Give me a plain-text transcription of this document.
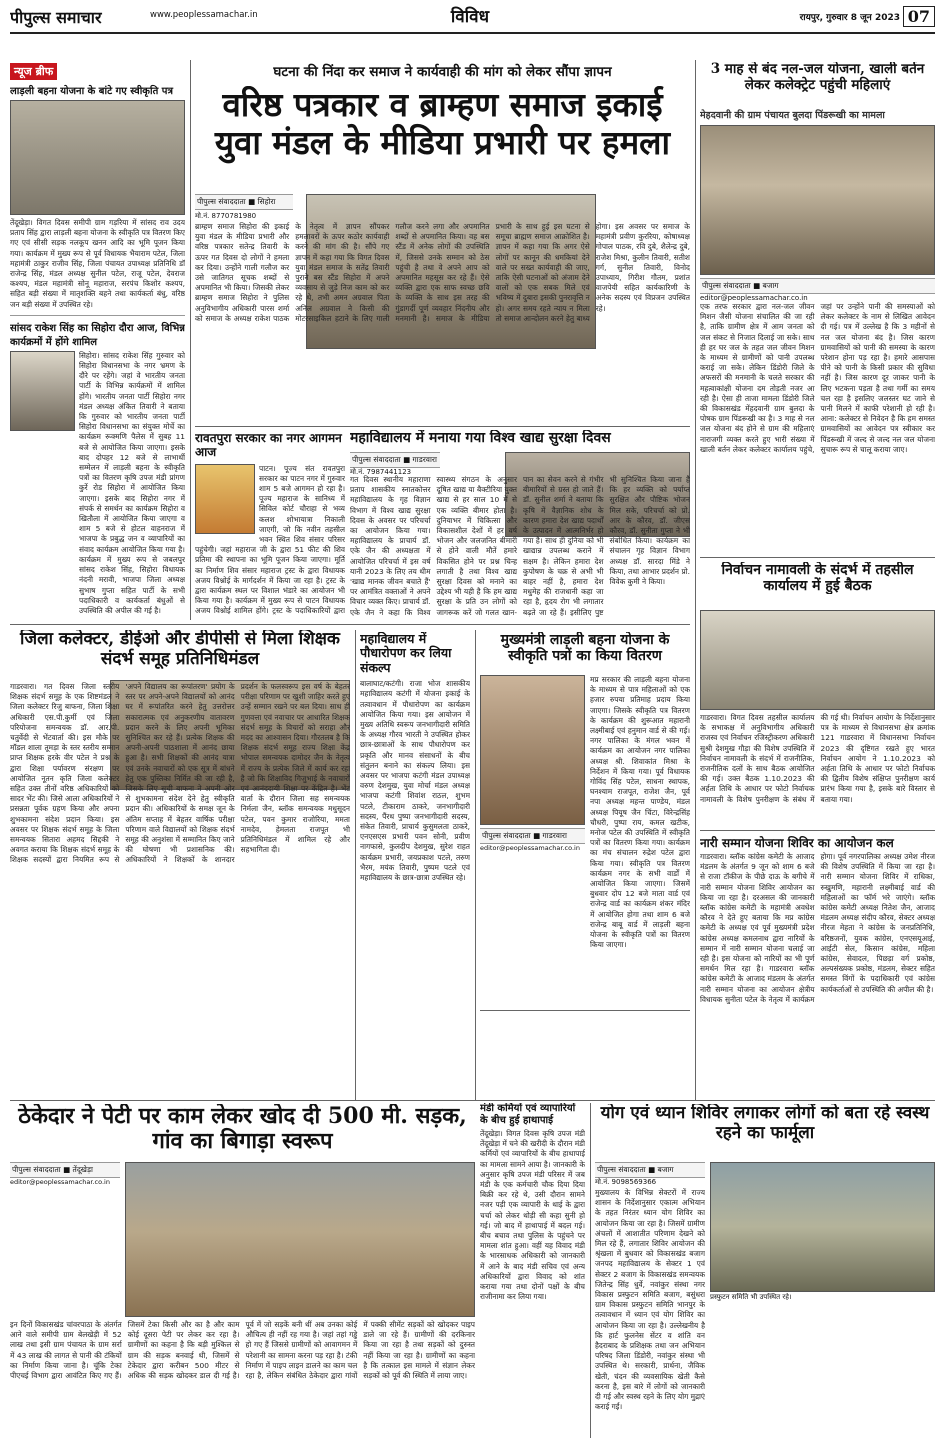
पीपुल्स समाचार	www.peoplessamachar.in	विविध	रायपुर, गुरुवार 8 जून 2023 07
न्यूज ब्रीफ
लाड़ली बहना योजना के बांटे गए स्वीकृति पत्र
तेंदूखेड़ा। विगत दिवस समीपी ग्राम गड़रिया में सांसद राव उदय प्रताप सिंह द्वारा लाड़ली बहना योजना के स्वीकृति पत्र वितरण किए गए एवं सीसी सड़क नलकूप खनन आदि का भूमि पूजन किया गया। कार्यक्रम में मुख्य रूप से पूर्व विधायक भैयाराम पटेल, जिला महामंत्री ठाकुर राजीव सिंह, जिला पंचायत उपाध्यक्ष प्रतिनिधि डॉ राजेन्द्र सिंह, मंडल अध्यक्ष सुनील पटेल, राजू पटेल, देवराज कश्यप, मंडल महामंत्री सोनू महाराज, सरपंच किशोर कश्यप, सहित बड़ी संख्या में मातृशक्ति बहने तथा कार्यकर्ता बंधु, वरिष्ठ जन बड़ी संख्या में उपस्थित रहे।
सांसद राकेश सिंह का सिहोरा दौरा आज, विभिन्न कार्यक्रमों में होंगे शामिल
सिहोरा। सांसद राकेश सिंह गुरुवार को सिहोरा विधानसभा के नगर भ्रमण के दौरे पर रहेंगे। जहां वे भारतीय जनता पार्टी के विभिन्न कार्यक्रमों में शामिल होंगे। भारतीय जनता पार्टी सिहोरा नगर मंडल अध्यक्ष अंकित तिवारी ने बताया कि गुरुवार को भारतीय जनता पार्टी सिहोरा विधानसभा का संयुक्त मोर्चे का कार्यक्रम रूक्मणि पैलेस में सुबह 11 बजे से आयोजित किया जाएगा। इसके बाद दोपहर 12 बजे से लाभार्थी सम्मेलन में लाड़ली बहना के स्वीकृति पत्रों का वितरण कृषि उपज मंडी प्रांगण कुर्रे रोड सिहोरा में आयोजित किया जाएगा। इसके बाद सिहोरा नगर में संपर्क से समर्थन का कार्यक्रम सिहोरा व खितौला में आयोजित किया जाएगा व शाम 5 बजे से होटल वाहनराज में भाजपा के प्रबुद्ध जन व व्यापारियों का संवाद कार्यक्रम आयोजित किया गया है। कार्यक्रम में मुख्य रूप से जबलपुर सांसद राकेश सिंह, सिहोरा विधायक नंदनी मरावी, भाजपा जिला अध्यक्ष सुभाष गुप्ता सहित पार्टी के सभी पदाधिकारी व कार्यकर्ता बंधुओं से उपस्थिति की अपील की गई है।
घटना की निंदा कर समाज ने कार्यवाही की मांग को लेकर सौंपा ज्ञापन
वरिष्ठ पत्रकार व ब्राम्हण समाज इकाई युवा मंडल के मीडिया प्रभारी पर हमला
पीपुल्स संवाददाता ■ सिहोरा
मो.नं. 8770781980
ब्राम्हण समाज सिहोरा की इकाई युवा मंडल के मीडिया प्रभारी और वरिष्ठ पत्रकार सतेन्द्र तिवारी के ऊपर गत दिवस दो लोगों ने हमला कर दिया। उन्होंने गाली गलौज कर उसे जातिगत सूचक शब्दों से अपमानित भी किया। जिसकी लेकर ब्राम्हण समाज सिहोरा ने पुलिस अनुविभागीय अधिकारी पारस शर्मा को समाज के अध्यक्ष राकेश पाठक के नेतृत्व में ज्ञापन सौंपकर हमलावरों के ऊपर कठोर कार्यवाही करने की मांग की है। सौंपे गए ज्ञापन में कहा गया कि विगत दिवस युवा मंडल समाज के सतेंद्र तिवारी पुराने बस स्टैंड सिहोरा में अपने व्यवसाय से जुड़े निज काम को कर रहे थे, तभी अमन अग्रवाल पिता अनिल अग्रवाल ने किसी की मोटरसाइकिल हटाने के लिए गाली गलौज करने लगा और अपमानित शब्दों से अपमानित किया। वह बस स्टैंड में अनेक लोगों की उपस्थिति में, जिससे उनके सम्मान को ठेस पहुंची है तथा वे अपने आप को अपमानित महसूस कर रहे हैं। ऐसे व्यक्ति द्वारा एक साफ स्वच्छ छवि के व्यक्ति के साथ इस तरह की गुंडागर्दी पूर्ण व्यवहार निंदनीय और मनमानी है। समाज के मीडिया प्रभारी के साथ हुई इस घटना से समूचा ब्राह्मण समाज आक्रोशित है। ज्ञापन में कहा गया कि अगर ऐसे लोगों पर कानून की धमकियां देने वाले पर सख्त कार्यवाही की जाए, ताकि ऐसी घटनाओं को अंजाम देने वालों को एक सबक मिले एवं भविष्य में दुबारा इसकी पुनरावृत्ति न हो। अगर समय रहते न्याय न मिला तो समाज आन्दोलन करने हेतु बाध्य होगा। इस अवसर पर समाज के महामंत्री प्रवीण कुररिया, कोषाध्यक्ष गोपाल पाठक, रवि दुबे, शैलेन्द्र दुबे, राजेश मिश्रा, कुलीन तिवारी, सतीश गर्ग, सुनील तिवारी, विनोद उपाध्याय, गिरीश गौतम, प्रशांत वाजपेयी सहित कार्यकारिणी के अनेक सदस्य एवं विप्रजन उपस्थित रहे।
रावतपुरा सरकार का नगर आगमन आज
पाटन। पूज्य संत रावतपुरा सरकार का पाटन नगर में गुरुवार शाम 5 बजे आगमन हो रहा है। पूज्य महाराज के सानिध्य में सिविल कोर्ट चौराहा से भव्य कलश शोभायात्रा निकाली जाएगी, जो कि नवीन तहसील भवन स्थित शिव संसार परिसर पहुंचेगी। जहां महाराज जी के द्वारा 51 फीट की शिव प्रतिमा की स्थापना का भूमि पूजन किया जाएगा। मूर्ति का निर्माण शिव संसार महाराज ट्रस्ट के द्वारा विधायक अजय विश्नोई के मार्गदर्शन में किया जा रहा है। ट्रस्ट के द्वारा कार्यक्रम स्थल पर विशाल भंडारे का आयोजन भी किया गया है। कार्यक्रम में मुख्य रूप से पाटन विधायक अजय विश्नोई शामिल होंगे। ट्रस्ट के पदाधिकारियों द्वारा
महाविद्यालय में मनाया गया विश्व खाद्य सुरक्षा दिवस
पीपुल्स संवाददाता ■ गाडरवारा
मो.नं. 7987441123
गत दिवस स्थानीय महाराणा प्रताप शासकीय स्नातकोत्तर महाविद्यालय के गृह विज्ञान विभाग में विश्व खाद्य सुरक्षा दिवस के अवसर पर परिचर्चा का आयोजन किया गया। महाविद्यालय के प्राचार्य डॉ. एके जैन की अध्यक्षता में आयोजित परिचर्चा में इस वर्ष यानी 2023 के लिए तय थीम 'खाद्य मानक जीवन बचाते हैं' पर आमंत्रित वक्ताओं ने अपने विचार व्यक्त किए। प्राचार्य डॉ. एके जैन ने कहा कि विश्व स्वास्थ्य संगठन के अनुसार दूषित खाद्य या बैक्टीरिया युक्त खाद्य से हर साल 10 में से एक व्यक्ति बीमार होता है। दुनियाभर में चिकित्सा और विकासशील देशों में हर वर्ष भोजन और जलजनित बीमारी से होने वाली मौतें हमारे विकसित होने पर प्रश्न चिन्ह लगाती है तथा विश्व खाद्य सुरक्षा दिवस को मनाने का उद्देश्य भी यही है कि हम खाद्य सुरक्षा के प्रति उन लोगों को जागरूक करें जो गलत खान-पान का सेवन करने से गंभीर बीमारियों से ग्रस्त हो जाते हैं। डॉ. सुनील शर्मा ने बताया कि कृषि में वैज्ञानिक शोध के कारण हमारा देश खाद्य पदार्थों के उत्पादन में आत्मनिर्भर हो गया है। साथ ही दुनिया को भी खाद्यान्न उपलब्ध कराने में सक्षम है। लेकिन हमारा देश कुपोषण के चक्र से अभी भी बाहर नहीं है, हमारा देश मधुमेह की राजधानी कहा जा रहा है, हृदय रोग भी लगातार बढ़ते जा रहे हैं। इसीलिए पुष्ट भी सुनिश्चित किया जाना है कि हर व्यक्ति को पर्याप्त सुरक्षित और पौष्टिक भोजन मिल सके, परिचर्चा को प्रो. आर के कौरव, डॉ. जीएस कौरव, डॉ. सुनीता गुप्ता ने भी संबोधित किया। कार्यक्रम का संचालन गृह विज्ञान विभाग अध्यक्ष डॉ. सारदा मिंडे ने किया, तथा आभार प्रदर्शन प्रो. विवेक कुमी ने किया।
3 माह से बंद नल-जल योजना, खाली बर्तन लेकर कलेक्ट्रेट पहुंची महिलाएं
मेहदवानी की ग्राम पंचायत बुलदा पिंडरूखी का मामला
पीपुल्स संवाददाता ■ बजाग
editor@peoplessamachar.co.in
एक तरफ सरकार द्वारा नल-जल जीवन मिशन जैसी योजना संचालित की जा रही है, ताकि ग्रामीण क्षेत्र में आम जनता को जल संकट से निजात दिलाई जा सके। साथ ही हर घर जल के तहत जल जीवन मिशन के माध्यम से ग्रामीणों को पानी उपलब्ध कराई जा सके। लेकिन डिंडोरी जिले के अफसरों की मनमानी के चलते सरकार की महत्वाकांक्षी योजना दम तोड़ती नजर आ रही है। ऐसा ही ताजा मामला डिंडोरी जिले की विकासखंड मेंहदवानी ग्राम बुलदा के पोषक ग्राम पिंडरूखी का है। 3 माह से नल जल योजना बंद होने से ग्राम की महिलाएं नाराजगी व्यक्त करते हुए भारी संख्या में खाली बर्तन लेकर कलेक्टर कार्यालय पहुंचे, जहां पर उन्होंने पानी की समस्याओं को लेकर कलेक्टर के नाम से लिखित आवेदन दी गई। पत्र में उल्लेख है कि 3 महीनों से नल जल योजना बंद है। जिस कारण ग्रामवासियों को पानी की समस्या के कारण परेशान होना पड़ रहा है। हमारे आसपास पीने को पानी के किसी प्रकार की सुविधा नहीं है। जिस कारण दूर जाकर पानी के लिए भटकना पड़ता है तथा गर्मी का समय चल रहा है इसलिए जलस्तर घट जाने से पानी मिलने में काफी परेशानी हो रही है। आना: कलेक्टर से निवेदन है कि हम समस्त ग्रामवासियों का आवेदन पत्र स्वीकार कर पिंडरूखी में जल्द से जल्द नल जल योजना सुचारू रूप से चालू कराया जाए।
निर्वाचन नामावली के संदर्भ में तहसील कार्यालय में हुई बैठक
गाडरवारा। विगत दिवस तहसील कार्यालय के सभाकक्ष में अनुविभागीय अधिकारी राजस्व एवं निर्वाचन रजिस्ट्रीकरण अधिकारी सुश्री देशमुख गौड़ा की विशेष उपस्थिति में निर्वाचन नामावली के संदर्भ में राजनीतिक, राजनीतिक दलों के साथ बैठक आयोजित की गई। उक्त बैठक 1.10.2023 की अर्हता तिथि के आधार पर फोटो निर्वाचक नामावली के विशेष पुनरीक्षण के संबंध में की गई थी। निर्वाचन आयोग के निर्देशानुसार पत्र के माध्यम से विधानसभा क्षेत्र क्रमांक 121 गाडरवारा में विधानसभा निर्वाचन 2023 की दृष्टिगत रखते हुए भारत निर्वाचन आयोग ने 1.10.2023 को अर्हता तिथि के आधार पर फोटो निर्वाचक की द्वितीय विशेष संक्षिप्त पुनरीक्षण कार्य प्रारंभ किया गया है, इसके बारे विस्तार से बताया गया।
नारी सम्मान योजना शिविर का आयोजन कल
गाडरवारा। ब्लॉक कांग्रेस कमेटी के आजाद मंडलम के अंतर्गत 9 जून को शाम 6 बजे से राजा टॉकीज के पीछे दाऊ के बगीचे में नारी सम्मान योजना शिविर आयोजन का किया जा रहा है। दरअसल की जानकारी ब्लॉक कांग्रेस कमेटी के महामंत्री अवधेश कौरव ने देते हुए बताया कि मप्र कांग्रेस कमेटी के अध्यक्ष एवं पूर्व मुख्यमंत्री प्रदेश कांग्रेस अध्यक्ष कमलनाथ द्वारा नारियों के सम्मान में नारी सम्मान योजना चलाई जा रही है। इस योजना को नारियों का भी पूर्ण समर्थन मिल रहा है। गाडरवारा ब्लॉक कांग्रेस कमेटी के आजाद मंडलम के अंतर्गत नारी सम्मान योजना का आयोजन क्षेत्रीय विधायक सुनीता पटेल के नेतृत्व में कार्यक्रम होगा। पूर्व नगरपालिका अध्यक्ष उमेश नीरज की विशेष उपस्थिति में किया जा रहा है। नारी सम्मान योजना शिविर में राधिका, रुखुमणि, महारानी लक्ष्मीबाई वार्ड की महिलाओं का फॉर्म भरे जाएंगे। ब्लॉक कांग्रेस कमेटी अध्यक्ष नितेश जैन, आजाद मंडलम अध्यक्ष संदीप कौरव, सेक्टर अध्यक्ष नीरज मेहता ने कांग्रेस के जनप्रतिनिधि, वरिष्ठजनों, युवक कांग्रेस, एनएसयूआई, आईटी सेल, किसान कांग्रेस, महिला कांग्रेस, सेवादल, पिछड़ा वर्ग प्रकोष्ठ, अल्पसंख्यक प्रकोष्ठ, मंडलम, सेक्टर सहित समस्त विंगों के पदाधिकारी एवं कांग्रेस कार्यकर्ताओं से उपस्थिति की अपील की है।
जिला कलेक्टर, डीईओ और डीपीसी से मिला शिक्षक संदर्भ समूह प्रतिनिधिमंडल
गाडरवारा। गत दिवस जिला स्तरीय शिक्षक संदर्भ समूह के एक शिष्टमंडल ने जिला कलेक्टर रिजु बाफना, जिला शिक्षा अधिकारी एस.पी.कुर्मी एवं जिला परियोजना समन्वयक डॉ. आर.पी. चतुर्वेदी से भेंटवार्ता की। इस मौके पर मॉडल शाला तूमड़ा के स्तर स्तरीय सम्मान प्राप्त शिक्षक हरके वीर पटेल ने प्रश्न के द्वारा शिक्षा पर्यावरण संरक्षण पर आयोजित नूतन कृति जिला कलेक्टर सहित उक्त तीनों वरिष्ठ अधिकारियों को सादर भेंट की। जिसे आला अधिकारियों ने प्रसन्नता पूर्वक ग्रहण किया और अपना शुभकामना संदेश प्रदान किया। इस अवसर पर शिक्षक संदर्भ समूह के जिला समन्वयक सितारा अहमद सिद्दकी ने अवगत कराया कि शिक्षक संदर्भ समूह के शिक्षक सदस्यों द्वारा नियमित रूप से 'अपने विद्यालय का रूपांतरण' प्रयोग के स्तर पर अपने-अपने विद्यालयों को आनंद घर में रूपांतरित करने हेतु उत्तरोत्तर सकारात्मक एवं अनुकरणीय वातावरण प्रदान करने के लिए अपनी भूमिका सुनिश्चित कर रहे हैं। प्रत्येक शिक्षक की अपनी-अपनी पाठशाला में आनंद छाया हुआ है। सभी शिक्षकों की आनंद यात्रा एवं उनके नवाचारों को एक सूत्र में बांधने हेतु एक पुस्तिका निर्मित की जा रही है, जिसके लिए सूची बाफना ने अपनी ओर से शुभकामना संदेश देने हेतु स्वीकृति प्रदान की। अधिकारियों के समक्ष जून के अंतिम सप्ताह में बेहतर वार्षिक परीक्षा परिणाम वाले विद्यालयों को शिक्षक संदर्भ समूह की अनुशंसा में सम्मानित किए जाने की घोषणा भी प्रशासनिक की। अधिकारियों ने शिक्षकों के शानदार प्रदर्शन के फलस्वरूप इस वर्ष के बेहतर परीक्षा परिणाम पर खुशी जाहिर करते हुए उन्हें सम्मान रखने पर बल दिया। साथ ही गुणवत्ता एवं नवाचार पर आधारित शिक्षक संदर्भ समूह के विचारों को सराहा और मदद का आश्वासन दिया। गौरतलब है कि शिक्षक संदर्भ समूह राज्य शिक्षा केंद्र भोपाल समन्वयक दामोदर जैन के नेतृत्व में राज्य के प्रत्येक जिले में कार्य कर रहा है जो कि शिक्षाविद गिजुभाई के नवाचारों एवं आनंददायी शिक्षा पर केंद्रित है। भेंट वार्ता के दौरान जिला सह समन्वयक निर्मला जैन, ब्लॉक समन्वयक मधुसूदन पटेल, पवन कुमार राजोरिया, ममता नामदेव, हेमलता राजपूत भी प्रतिनिधिमंडल में शामिल रहे और सहभागिता दी।
महाविद्यालय में पौधारोपण कर लिया संकल्प
बालाघाट/कटंगी। राजा भोज शासकीय महाविद्यालय कटंगी में योजना इकाई के तत्वावधान में पौधारोपण का कार्यक्रम आयोजित किया गया। इस आयोजन में मुख्य अतिथि स्वरूप जनभागीदारी समिति के अध्यक्ष गौरव भारती ने उपस्थित होकर छात्र-छात्राओं के साथ पौधारोपण कर प्रकृति और मानव संसाधनों के बीच संतुलन बनाने का संकल्प लिया। इस अवसर पर भाजपा कटंगी मंडल उपाध्यक्ष वरुण देशमुख, युवा मोर्चा मंडल अध्यक्ष भाजपा कटंगी शिवांश राठल, शुभम पटले, टीकाराम ठाकरे, जनभागीदारी सदस्य, पैंरथ पुष्पा जनभागीदारी सदस्य, संकेत तिवारी, प्राचार्य कुसुमलता ठाकरे, एनएसएस प्रभारी पवन सोनी, प्रवीण नागफासे, कुलदीप देशमुख, सुरेश राहत कार्यक्रम प्रभारी, जयप्रकाश पटले, तरुण भैरम, मयंक तिवारी, पुष्पम पटले एवं महाविद्यालय के छात्र-छात्रा उपस्थित रहे।
मुख्यमंत्री लाड़ली बहना योजना के स्वीकृति पत्रों का किया वितरण
पीपुल्स संवाददाता ■ गाडरवारा
editor@peoplessamachar.co.in
मप्र सरकार की लाड़ली बहना योजना के माध्यम से पात्र महिलाओं को एक हजार रुपया प्रतिमाह प्रदाय किया जाएगा। जिसके स्वीकृति पत्र वितरण के कार्यक्रम की शुरूआत महारानी लक्ष्मीबाई एवं हनुमान वार्ड से की गई। नगर पालिका के मंगल भवन में कार्यक्रम का आयोजन नगर पालिका अध्यक्ष श्री. शिवाकांत मिश्रा के निर्देशन में किया गया। पूर्व विधायक गोविंद सिंह पटेल, साधना स्थापक, घनश्याम राजपूत, राजेश जैन, पूर्व नपा अध्यक्ष महन्त पाण्डेय, मंडल अध्यक्ष पियूष जैन चिंटा, विरेन्द्रसिंह चौधरी, पुष्पा राय, कमल खटीक, मनोज पटेल की उपस्थिति में स्वीकृति पत्रों का वितरण किया गया। कार्यक्रम का मंच संचालन रुद्रेश पटेल द्वारा किया गया। स्वीकृति पत्र वितरण कार्यक्रम नगर के सभी वार्डों में आयोजित किया जाएगा। जिसमें बुधवार दोप 12 बजे माता वार्ड एवं राजेन्द्र वार्ड का कार्यक्रम शंकर मंदिर में आयोजित होगा तथा शाम 6 बजे राजेन्द्र बाबू वार्ड में लाड़ली बहना योजना के स्वीकृति पत्रों का वितरण किया जाएगा।
मंडी कर्मियों एवं व्यापारियों के बीच हुई हाथापाई
तेंदूखेड़ा। विगत दिवस कृषि उपज मंडी तेंदूखेड़ा में चने की खरीदी के दौरान मंडी कर्मियों एवं व्यापारियों के बीच हाथापाई का मामला सामने आया है। जानकारी के अनुसार कृषि उपज मंडी परिसर में जब मंडी के एक कर्मचारी चौक दिया दिया बिक्री कर रहे थे, उसी दौरान सामने नजर पड़ी एक व्यापारी के थाई के द्वारा चर्चा को लेकर थोड़ी सी कहा सुनी हो गई। जो बाद में हाथापाई में बदल गई। बीच बचाव तथा पुलिस के पहुंचने पर मामला शांत हुआ। वहीं यह विवाद मंडी के भारसाधक अधिकारी को जानकारी में आने के बाद मंडी सचिव एवं अन्य अधिकारियों द्वारा विवाद को शांत कराया गया तथा दोनों पक्षों के बीच राजीनामा कर लिया गया।
ठेकेदार ने पेटी पर काम लेकर खोद दी 500 मी. सड़क, गांव का बिगाड़ा स्वरूप
पीपुल्स संवाददाता ■ तेंदूखेड़ा
editor@peoplessamachar.co.in
इन दिनों विकासखंड चांवरपाठा के अंतर्गत आने वाले समीपी ग्राम बेलखेड़ी में 52 लाख तथा इसी ग्राम पंचायत के ग्राम सर्रा में 43 लाख की लागत से पानी की टंकियों का निर्माण किया जाना है। चूंकि टेका पीएचई विभाग द्वारा आवंटित किए गए हैं। जिसमें टेका किसी और का है और काम कोई दूसरा पेटी पर लेकर कर रहा है। ग्रामीणों का कहना है कि बड़ी मुश्किल से ग्राम की सड़क बनवाई थी, जिसमें से टेकेदार द्वारा करीबन 500 मीटर से अधिक की सड़क खोदकर डाल दी गई है। पूर्व में जो सड़कें बनी थीं अब उनका कोई औचित्य ही नहीं रह गया है। जहां तहां गड्ढे हो गए हैं जिससे ग्रामीणों को आवागमन में परेशानी का सामना करना पड़ रहा है। टंकी निर्माण में पाइप लाइन डालने का काम चल रहा है, लेकिन संबंधित ठेकेदार द्वारा गांवों में पक्की सीमेंट सड़कों को खोदकर पाइप डाले जा रहे हैं। ग्रामीणों की दरकिनार किया जा रहा है तथा सड़कों को दुरुस्त नहीं किया जा रहा है। ग्रामीणों का कहना है कि तत्काल इस मामले में संज्ञान लेकर सड़कों को पूर्व की स्थिति में लाया जाए।
योग एवं ध्यान शिविर लगाकर लोगों को बता रहे स्वस्थ रहने का फार्मूला
पीपुल्स संवाददाता ■ बजाग
मो.नं. 9098569366
प्रस्फुटन समिति भी उपस्थित रहे।
मुख्यालय के विभिन्न सेक्टरों में राज्य शासन के निर्देशानुसार एकात्म अभियान के तहत निरंतर ध्यान योग शिविर का आयोजन किया जा रहा है। जिसमें ग्रामीण अंचलों में आशातीत परिणाम देखने को मिल रहे हैं, लगातार शिविर आयोजन की श्रृंखला में बुधवार को विकासखंड बजाग जनपद महाविद्यालय के सेक्टर 1 एवं सेक्टर 2 बजाग के विकासखंड समन्वयक जितेन्द्र सिंह धुर्वे, नवांकुर संस्था नगर विकास प्रस्फुटन समिति बजाग, बसुंधरा ग्राम विकास प्रस्फुटन समिति भानपुर के तत्वावधान में ध्यान एवं योग शिविर का आयोजन किया जा रहा है। उल्लेखनीय है कि हार्ट फुलनेस सेंटर व शांति वन हैदराबाद के प्रशिक्षक तथा जन अभियान परिषद जिला डिंडोरी, नवांकुर संस्था भी उपस्थित थे। सरकारी, प्रार्थना, जैविक खेती, चंदन की व्यवसायिक खेती कैसे करना है, इस बारे में लोगों को जानकारी दी गई और स्वस्थ रहने के लिए योग मुद्राएं कराई गईं।
